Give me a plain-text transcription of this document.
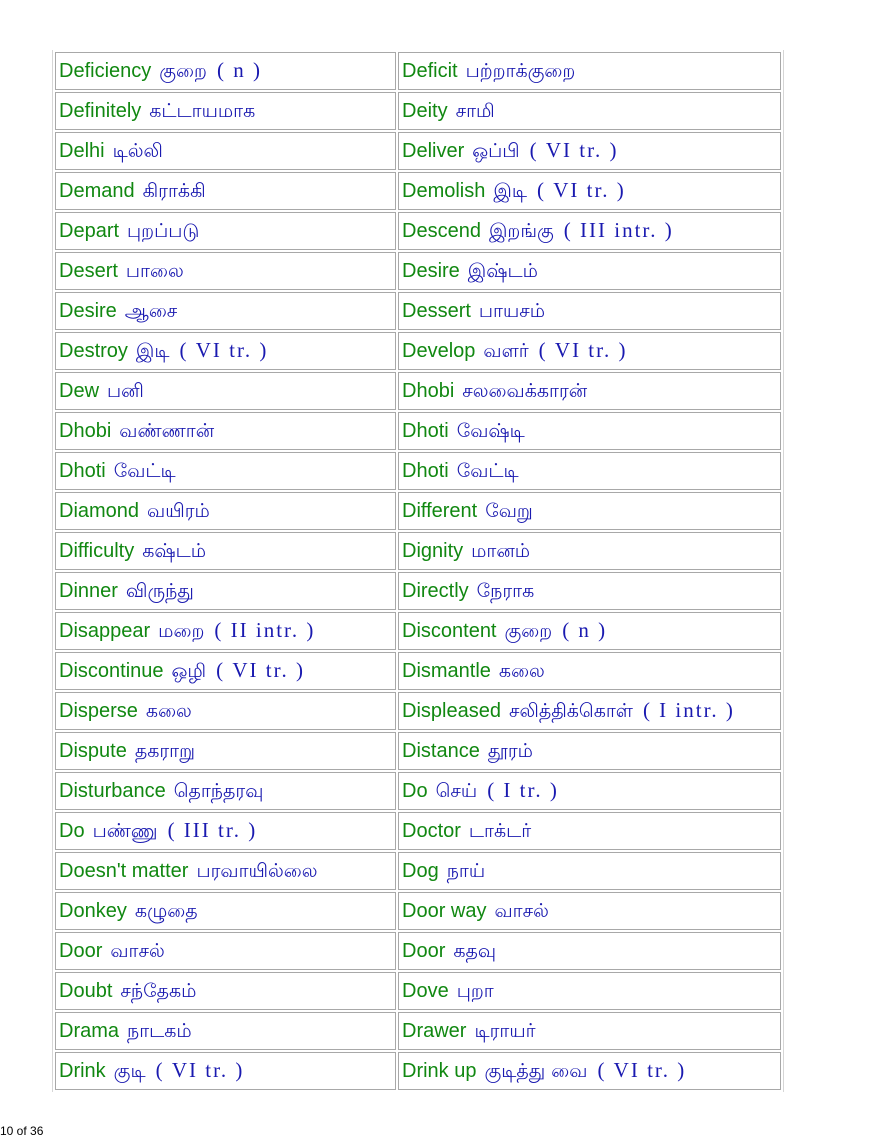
Deficiency குறை ( n )	Deficit பற்றாக்குறை
Definitely கட்டாயமாக	Deity சாமி
Delhi டில்லி	Deliver ஒப்பி ( VI tr. )
Demand கிராக்கி	Demolish இடி ( VI tr. )
Depart புறப்படு	Descend இறங்கு ( III intr. )
Desert பாலை	Desire இஷ்டம்
Desire ஆசை	Dessert பாயசம்
Destroy இடி ( VI tr. )	Develop வளர் ( VI tr. )
Dew பனி	Dhobi சலவைக்காரன்
Dhobi வண்ணான்	Dhoti வேஷ்டி
Dhoti வேட்டி	Dhoti வேட்டி
Diamond வயிரம்	Different வேறு
Difficulty கஷ்டம்	Dignity மானம்
Dinner விருந்து	Directly நேராக
Disappear மறை ( II intr. )	Discontent குறை ( n )
Discontinue ஒழி ( VI tr. )	Dismantle கலை
Disperse கலை	Displeased சலித்திக்கொள் ( I intr. )
Dispute தகராறு	Distance தூரம்
Disturbance தொந்தரவு	Do செய் ( I tr. )
Do பண்ணு ( III tr. )	Doctor டாக்டர்
Doesn't matter பரவாயில்லை	Dog நாய்
Donkey கழுதை	Door way வாசல்
Door வாசல்	Door கதவு
Doubt சந்தேகம்	Dove புறா
Drama நாடகம்	Drawer டிராயர்
Drink குடி ( VI tr. )	Drink up குடித்து வை ( VI tr. )
10 of 36
